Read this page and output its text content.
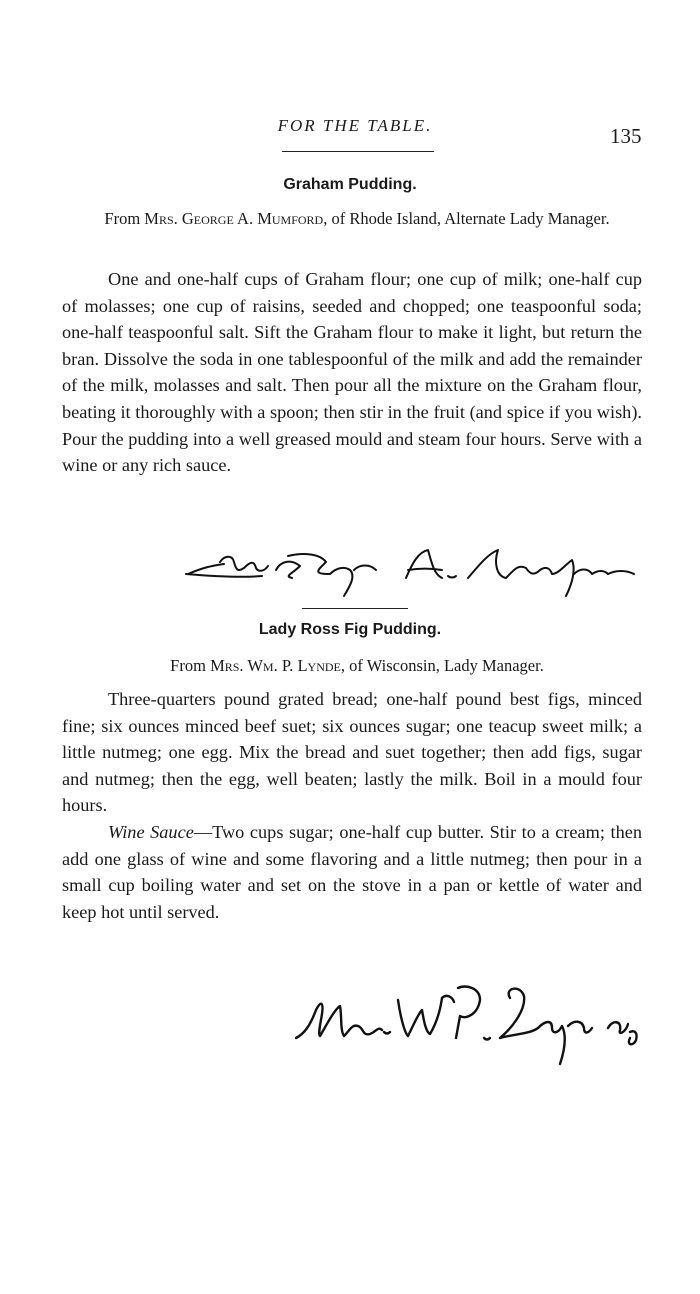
FOR THE TABLE.	135
Graham Pudding.
From Mrs. George A. Mumford, of Rhode Island, Alternate Lady Manager.

One and one-half cups of Graham flour; one cup of milk; one-half cup of molasses; one cup of raisins, seeded and chopped; one teaspoonful soda; one-half teaspoonful salt. Sift the Graham flour to make it light, but return the bran. Dissolve the soda in one tablespoonful of the milk and add the remainder of the milk, molasses and salt. Then pour all the mixture on the Graham flour, beating it thoroughly with a spoon; then stir in the fruit (and spice if you wish). Pour the pudding into a well greased mould and steam four hours. Serve with a wine or any rich sauce.

Lady Ross Fig Pudding.
From Mrs. Wm. P. Lynde, of Wisconsin, Lady Manager.

Three-quarters pound grated bread; one-half pound best figs, minced fine; six ounces minced beef suet; six ounces sugar; one teacup sweet milk; a little nutmeg; one egg. Mix the bread and suet together; then add figs, sugar and nutmeg; then the egg, well beaten; lastly the milk. Boil in a mould four hours.

Wine Sauce—Two cups sugar; one-half cup butter. Stir to a cream; then add one glass of wine and some flavoring and a little nutmeg; then pour in a small cup boiling water and set on the stove in a pan or kettle of water and keep hot until served.
